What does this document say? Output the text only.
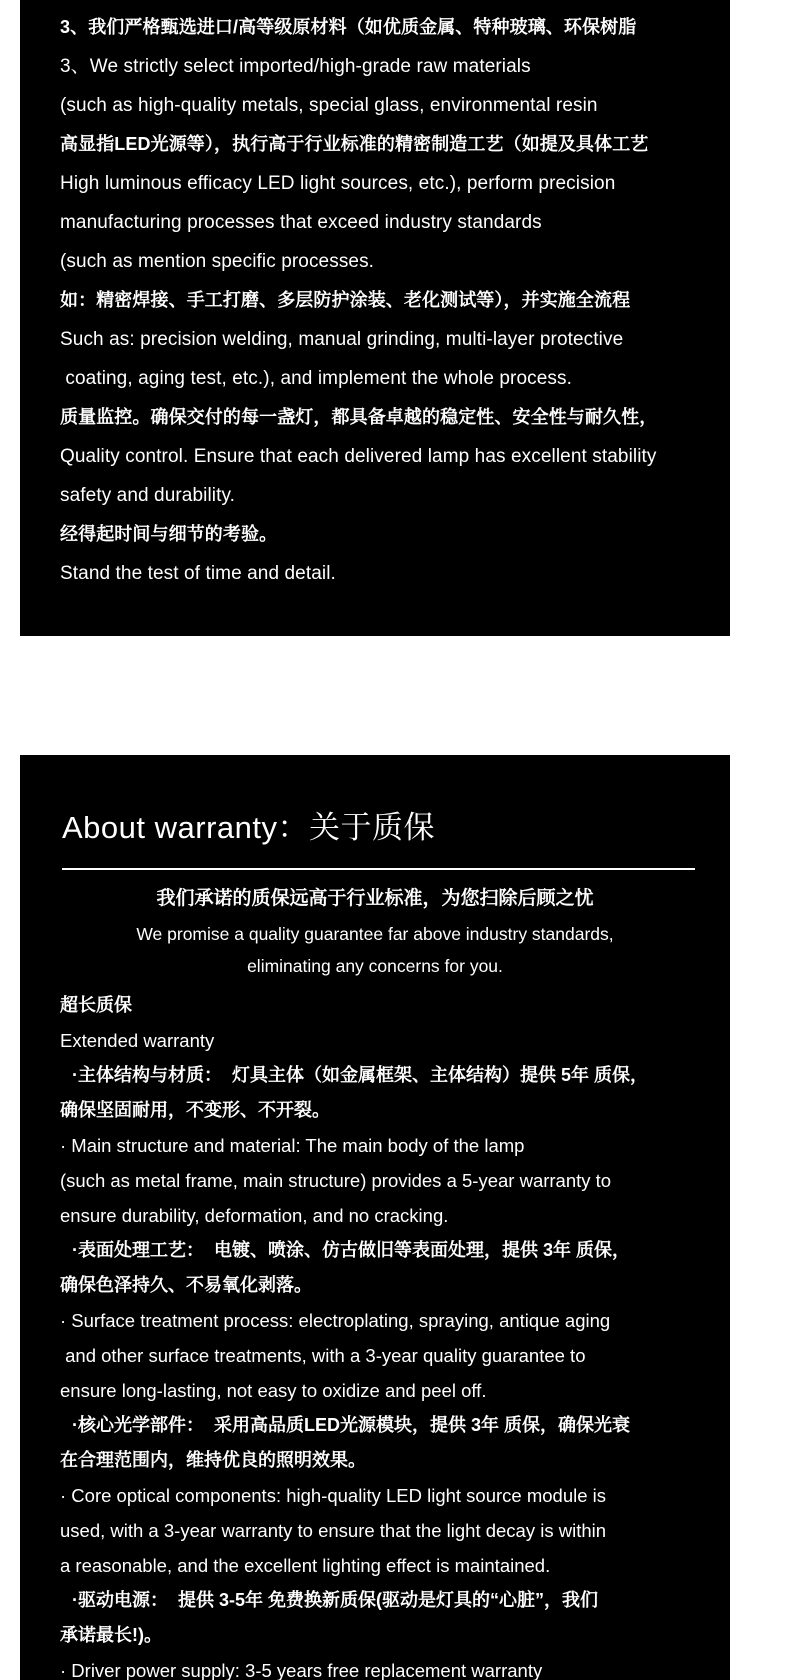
3、我们严格甄选进口/高等级原材料（如优质金属、特种玻璃、环保树脂
3、We strictly select imported/high-grade raw materials
(such as high-quality metals, special glass, environmental resin
高显指LED光源等），执行高于行业标准的精密制造工艺（如提及具体工艺
High luminous efficacy LED light sources, etc.), perform precision
manufacturing processes that exceed industry standards
(such as mention specific processes.
如：精密焊接、手工打磨、多层防护涂装、老化测试等），并实施全流程
Such as: precision welding, manual grinding, multi-layer protective
coating, aging test, etc.), and implement the whole process.
质量监控。确保交付的每一盏灯，都具备卓越的稳定性、安全性与耐久性，
Quality control. Ensure that each delivered lamp has excellent stability
safety and durability.
经得起时间与细节的考验。
Stand the test of time and detail.
About warranty：关于质保
我们承诺的质保远高于行业标准，为您扫除后顾之忧
We promise a quality guarantee far above industry standards,
eliminating any concerns for you.
超长质保
Extended warranty
·主体结构与材质：  灯具主体（如金属框架、主体结构）提供 5年 质保，
确保坚固耐用，不变形、不开裂。
· Main structure and material: The main body of the lamp
(such as metal frame, main structure) provides a 5-year warranty to
ensure durability, deformation, and no cracking.
·表面处理工艺：  电镀、喷涂、仿古做旧等表面处理，提供 3年 质保，
确保色泽持久、不易氧化剥落。
· Surface treatment process: electroplating, spraying, antique aging
and other surface treatments, with a 3-year quality guarantee to
ensure long-lasting, not easy to oxidize and peel off.
·核心光学部件：  采用高品质LED光源模块，提供 3年 质保，确保光衰
在合理范围内，维持优良的照明效果。
· Core optical components: high-quality LED light source module is
used, with a 3-year warranty to ensure that the light decay is within
a reasonable, and the excellent lighting effect is maintained.
·驱动电源：  提供 3-5年 免费换新质保(驱动是灯具的“心脏”，我们
承诺最长!)。
· Driver power supply: 3-5 years free replacement warranty
